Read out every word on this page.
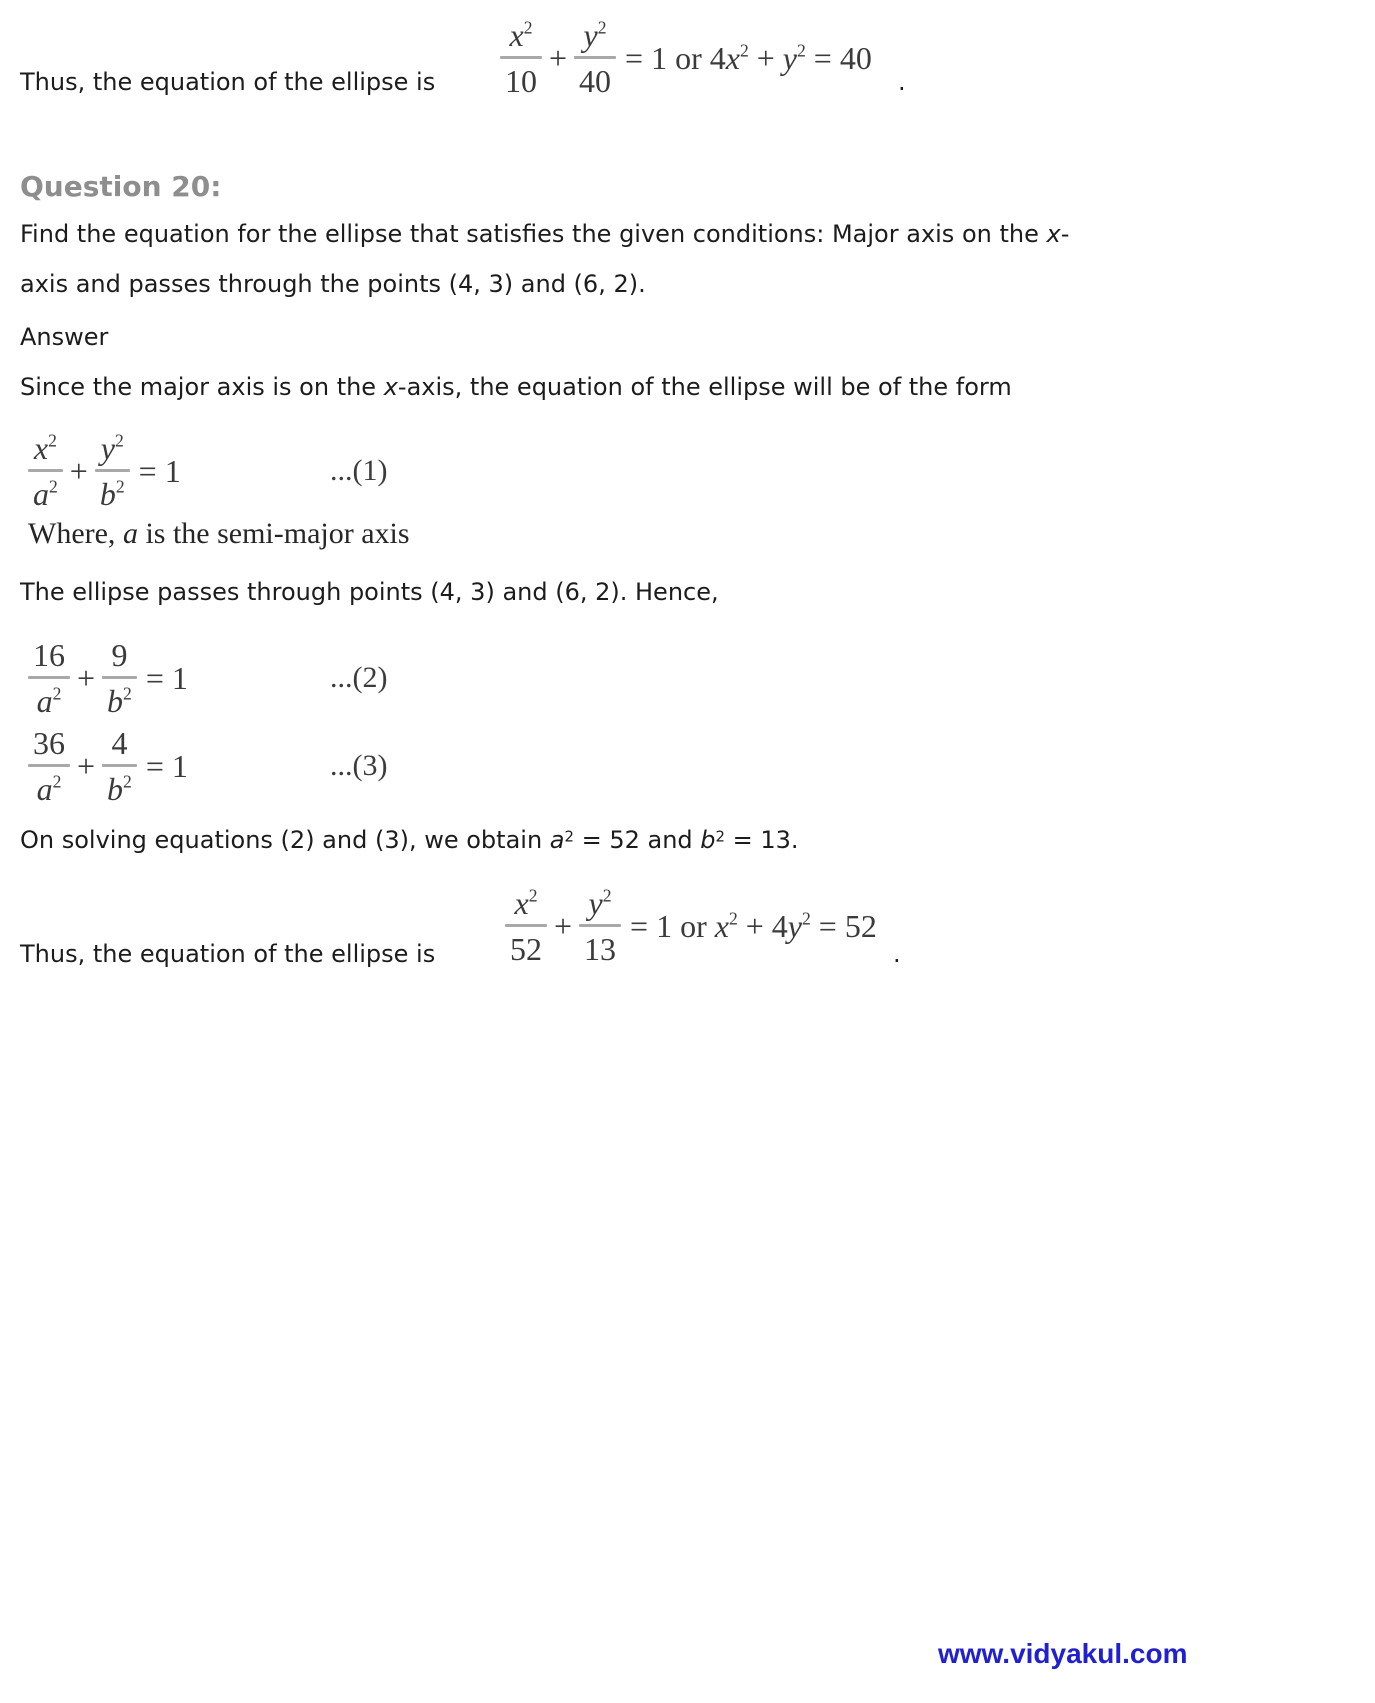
$\frac{x2}{10} + \frac{y2}{40} = 1$ or 4x2 + y2 = 40
Thus, the equation of the ellipse is	.
Question 20:
Find the equation for the ellipse that satisfies the given conditions: Major axis on the x-
axis and passes through the points (4, 3) and (6, 2).
Answer
Since the major axis is on the x-axis, the equation of the ellipse will be of the form
$\frac{x2}{a2} + \frac{y2}{b2} = 1$	...(1)
Where, a is the semi-major axis
The ellipse passes through points (4, 3) and (6, 2). Hence,
$\frac{16}{a2} + \frac{9}{b2} = 1$	...(2)
$\frac{36}{a2} + \frac{4}{b2} = 1$	...(3)
On solving equations (2) and (3), we obtain a2 = 52 and b2 = 13.
$\frac{x2}{52} + \frac{y2}{13} = 1$ or x2 + 4y2 = 52
Thus, the equation of the ellipse is	.
www.vidyakul.com
